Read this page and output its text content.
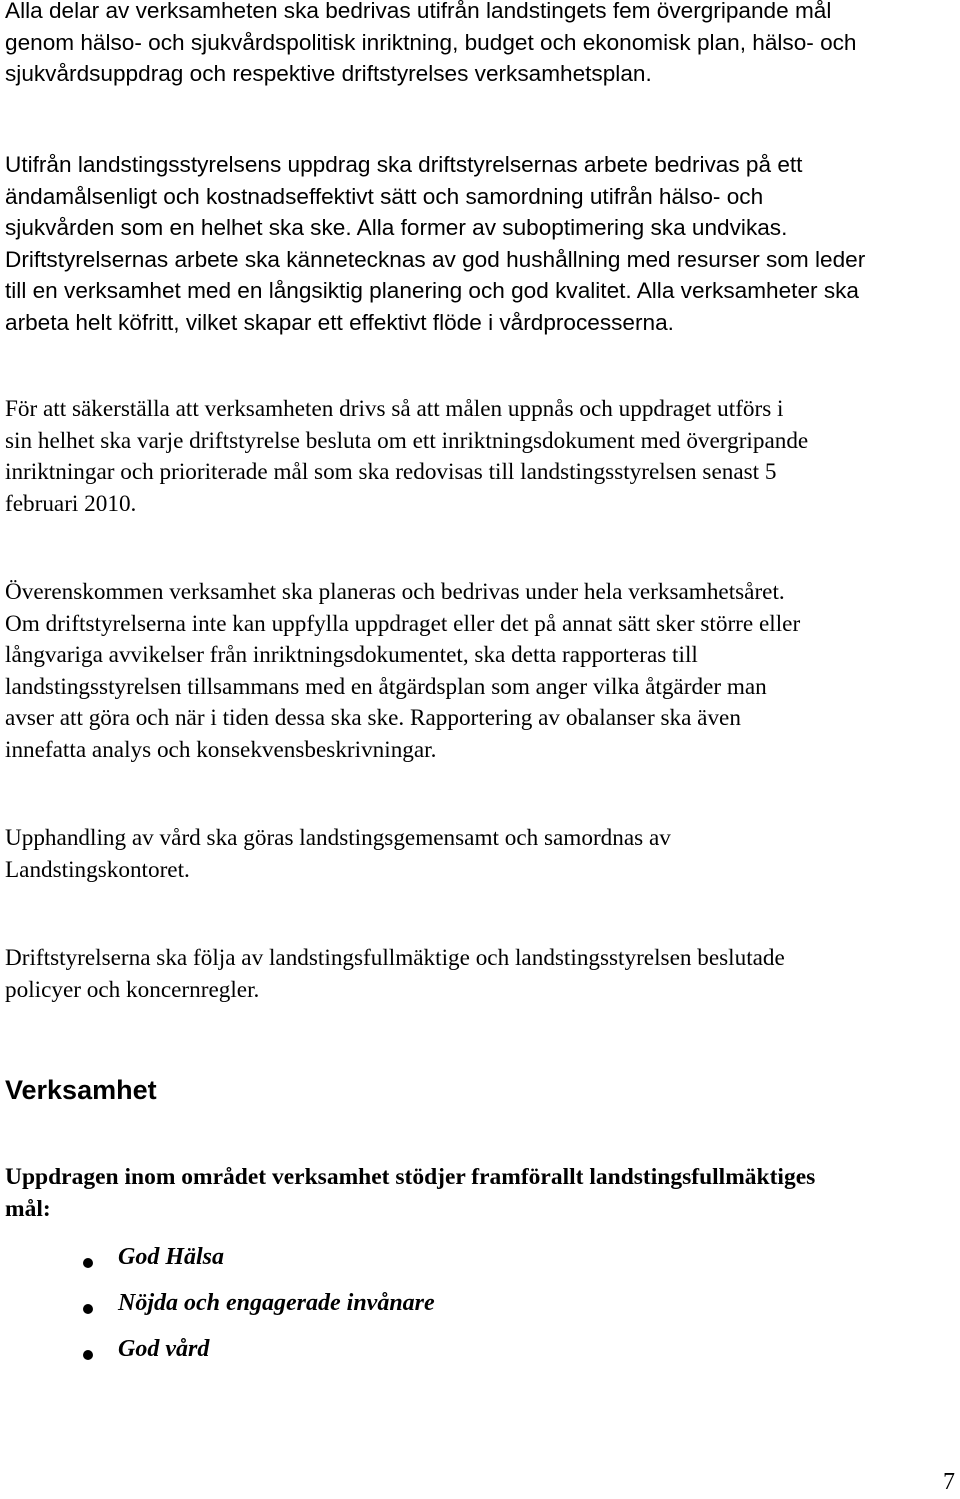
Alla delar av verksamheten ska bedrivas utifrån landstingets fem övergripande mål
genom hälso- och sjukvårdspolitisk inriktning, budget och ekonomisk plan, hälso- och
sjukvårdsuppdrag och respektive driftstyrelses verksamhetsplan.

Utifrån landstingsstyrelsens uppdrag ska driftstyrelsernas arbete bedrivas på ett
ändamålsenligt och kostnadseffektivt sätt och samordning utifrån hälso- och
sjukvården som en helhet ska ske. Alla former av suboptimering ska undvikas.
Driftstyrelsernas arbete ska kännetecknas av god hushållning med resurser som leder
till en verksamhet med en långsiktig planering och god kvalitet. Alla verksamheter ska
arbeta helt köfritt, vilket skapar ett effektivt flöde i vårdprocesserna.

För att säkerställa att verksamheten drivs så att målen uppnås och uppdraget utförs i
sin helhet ska varje driftstyrelse besluta om ett inriktningsdokument med övergripande
inriktningar och prioriterade mål som ska redovisas till landstingsstyrelsen senast 5
februari 2010.

Överenskommen verksamhet ska planeras och bedrivas under hela verksamhetsåret.
Om driftstyrelserna inte kan uppfylla uppdraget eller det på annat sätt sker större eller
långvariga avvikelser från inriktningsdokumentet, ska detta rapporteras till
landstingsstyrelsen tillsammans med en åtgärdsplan som anger vilka åtgärder man
avser att göra och när i tiden dessa ska ske. Rapportering av obalanser ska även
innefatta analys och konsekvensbeskrivningar.

Upphandling av vård ska göras landstingsgemensamt och samordnas av
Landstingskontoret.

Driftstyrelserna ska följa av landstingsfullmäktige och landstingsstyrelsen beslutade
policyer och koncernregler.

Verksamhet

Uppdragen inom området verksamhet stödjer framförallt landstingsfullmäktiges
mål:

God Hälsa
Nöjda och engagerade invånare
God vård

7
